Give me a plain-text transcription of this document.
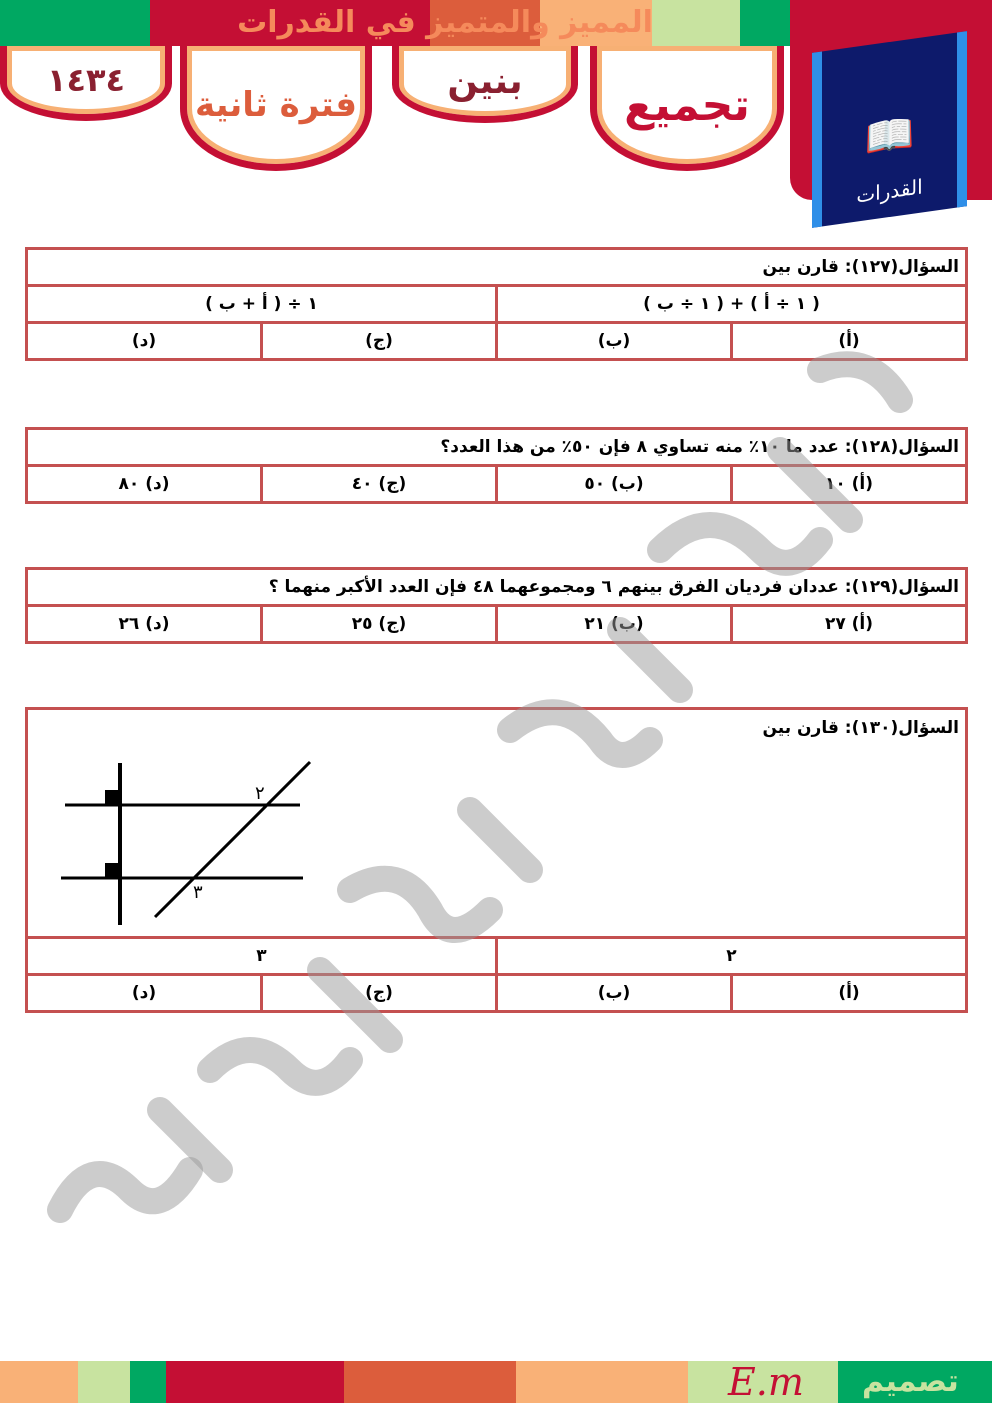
المميز والمتميز في القدرات
تجميع
بنين
فترة ثانية
١٤٣٤
📖
القدرات
السؤال(١٢٧): قارن بين			
( ١ ÷ أ ) + ( ١ ÷ ب )		١ ÷ ( أ + ب )	
(أ)	(ب)	(ج)	(د)
السؤال(١٢٨): عدد ما ١٠٪ منه تساوي ٨ فإن ٥٠٪ من هذا العدد؟
(أ) ١٠	(ب) ٥٠	(ج) ٤٠	(د) ٨٠
السؤال(١٢٩): عددان فرديان الفرق بينهم ٦ ومجموعهما ٤٨ فإن العدد الأكبر منهما ؟
(أ) ٢٧	(ب) ٢١	(ج) ٢٥	(د) ٢٦
السؤال(١٣٠): قارن بين			
٢		٣	
(أ)	(ب)	(ج)	(د)
٢
٣
E.m تصميم
